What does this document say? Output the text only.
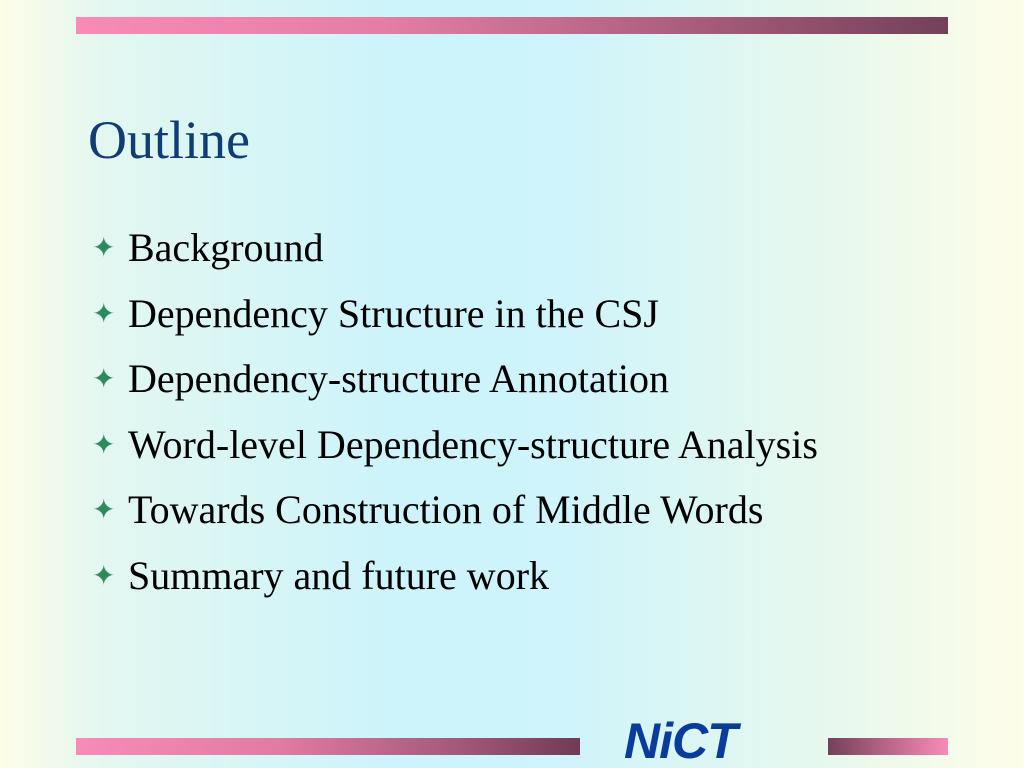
Outline
✦ Background
✦ Dependency Structure in the CSJ
✦ Dependency-structure Annotation
✦ Word-level Dependency-structure Analysis
✦ Towards Construction of Middle Words
✦ Summary and future work
NiCT
